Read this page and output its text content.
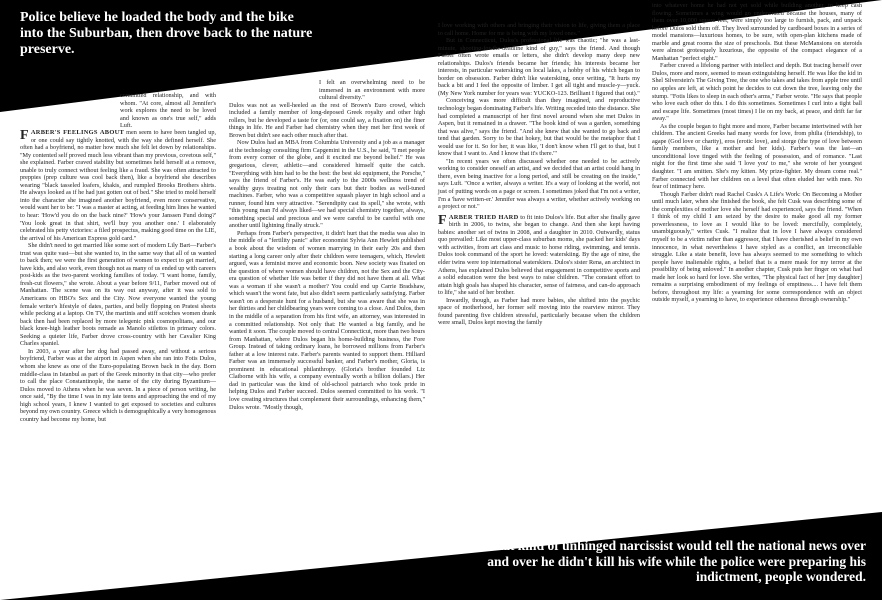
Police believe he loaded the body and the bike into the Suburban, then drove back to the nature preserve.
committed relationship, and with whom. "At core, almost all Jennifer's work explores the need to be loved and known as one's true self," adds Luft.

FARBER'S FEELINGS ABOUT men seem to have been tangled up, or one could say tightly knotted, with the way she defined herself. She often had a boyfriend, no matter how much she felt let down by relationships. "My contented self proved much less vibrant than my previous, covetous self," she explained. Farber craved stability but sometimes held herself at a remove, unable to truly connect without feeling like a fraud. She was often attracted to preppies (prep culture was cool back then), like a boyfriend she describes wearing "black tasseled loafers, khakis, and rumpled Brooks Brothers shirts. He always looked as if he had just gotten out of bed." She tried to mold herself into the character she imagined another boyfriend, even more conservative, would want her to be: "I was a master at acting, at feeding him lines he wanted to hear: 'How'd you do on the back nine?' 'How's your Janssen Fund doing?' 'You look great in that shirt, we'll buy you another one.' I elaborately celebrated his petty victories: a filed prospectus, making good time on the LIE, the arrival of his American Express gold card."

She didn't need to get married like some sort of modern Lily Bart—Farber's trust was quite vast—but she wanted to, in the same way that all of us wanted to back then; we were the first generation of women to expect to get married, have kids, and also work, even though not as many of us ended up with careers post-kids as the two-parent working families of today. "I want home, family, fresh-cut flowers," she wrote. About a year before 9/11, Farber moved out of Manhattan. The scene was on its way out anyway, after it was sold to Americans on HBO's Sex and the City. Now everyone wanted the young female writer's lifestyle of dates, parties, and belly flopping on Pratesi sheets while pecking at a laptop. On TV, the martinis and stiff scotches women drank back then had been replaced by more telegenic pink cosmopolitans, and our black knee-high leather boots remade as Manolo stilettos in primary colors. Seeking a quieter life, Farber drove cross-country with her Cavalier King Charles spaniel.

In 2003, a year after her dog had passed away, and without a serious boyfriend, Farber was at the airport in Aspen when she ran into Fotis Dulos, whom she knew as one of the Euro-populating Brown back in the day. Born middle-class in Istanbul as part of the Greek minority in that city—who prefer to call the place Constantinople, the name of the city during Byzantium—Dulos moved to Athens when he was seven. In a piece of person writing, he once said, "By the time I was in my late teens and approaching the end of my high school years, I knew I wanted to get exposed to societies and cultures beyond my own country. Greece which is demographically a very homogenous country had become my home, but

I felt an overwhelming need to be immersed in an environment with more cultural diversity."

Dulos was not as well-heeled as the rest of Brown's Euro crowd, which included a family member of long-deposed Greek royalty and other high rollers, but he developed a taste for (or, one could say, a fixation on) the finer things in life. He and Farber had chemistry when they met her first week of Brown but didn't see each other much after that.

Now Dulos had an MBA from Columbia University and a job as a manager at the technology consulting firm Capgemini in the U.S., he said, "I met people from every corner of the globe, and it excited me beyond belief." He was gregarious, clever, athletic—and considered himself quite the catch. "Everything with him had to be the best: the best ski equipment, the Porsche," says the friend of Farber's. He was early to the 2000s wellness trend of wealthy guys treating not only their cars but their bodies as well-tuned machines. Farber, who was a competitive squash player in high school and a runner, found him very attractive. "Serendipity cast its spell," she wrote, with "this young man I'd always liked—we had special chemistry together, always, something special and precious and we were careful to be careful with one another until lightning finally struck."

Perhaps from Farber's perspective, it didn't hurt that the media was also in the middle of a "fertility panic" after economist Sylvia Ann Hewlett published a book about the wisdom of women marrying in their early 20s and then starting a long career only after their children were teenagers, which, Hewlett argued, was a feminist move and economic boon. New society was fixated on the question of where women should have children, not the Sex and the City-era question of whether life was better if they did not have them at all. What was a woman if she wasn't a mother? You could end up Carrie Bradshaw, which wasn't the worst fate, but also didn't seem particularly satisfying. Farber wasn't on a desperate hunt for a husband, but she was aware that she was in her thirties and her childbearing years were coming to a close. And Dulos, then in the middle of a separation from his first wife, an attorney, was interested in a committed relationship. Not only that: He wanted a big family, and he wanted it soon. The couple moved to central Connecticut, more than two hours from Manhattan, where Dulos began his home-building business, the Fore Group. Instead of taking ordinary loans, he borrowed millions from Farber's father at a low interest rate. Farber's parents wanted to support them. Hilliard Farber was an immensely successful banker, and Farber's mother, Gloria, is prominent in educational philanthropy. (Gloria's brother founded Liz Claiborne with his wife, a company eventually worth a billion dollars.) Her dad in particular was the kind of old-school patriarch who took pride in helping Dulos and Farber succeed. Dulos seemed committed to his work. "I love creating structures that complement their surroundings, enhancing them," Dulos wrote. "Mostly though,

I love working with others and bringing their vision to life, giving them a place to call home. Home for me is being with my loved ones."

But in Connecticut, Dulos's professional life was chaotic; "he was a last-minute, shooting-for-the-deadline kind of guy," says the friend. And though Farber often wrote emails or letters, she didn't develop many deep new relationships. Dulos's friends became her friends; his interests became her interests, in particular waterskiing on local lakes, a hobby of his which began to border on obsession. Farber didn't like waterskiing, once writing, "It hurts my back a bit and I feel the opposite of limber. I get all tight and muscle-y—yuck. (My New York number for years was: YUCKO-123. Brilliant I figured that out)."

Conceiving was more difficult than they imagined, and reproductive technology began dominating Farber's life. Writing receded into the distance. She had completed a manuscript of her first novel around when she met Dulos in Aspen, but it remained in a drawer. "The book kind of was a garden, something that was alive," says the friend. "And she knew that she wanted to go back and tend that garden. Sorry to be that hokey, but that would be the metaphor that I would use for it. So for her, it was like, 'I don't know when I'll get to that, but I know that I want to. And I know that it's there.'"

"In recent years we often discussed whether one needed to be actively working to consider oneself an artist, and we decided that an artist could hang in there, even being inactive for a long period, and still be creating on the inside," says Luft. "Once a writer, always a writer. It's a way of looking at the world, not just of putting words on a page or screen. I sometimes joked that I'm not a writer, I'm a 'have written-er.' Jennifer was always a writer, whether actively working on a project or not."

FARBER TRIED HARD to fit into Dulos's life. But after she finally gave birth in 2006, to twins, she began to change. And then she kept having babies: another set of twins in 2008, and a daughter in 2010. Outwardly, status quo prevailed: Like most upper-class suburban moms, she packed her kids' days with activities, from art class and music to horse riding, swimming, and tennis. Dulos took command of the sport he loved: waterskiing. By the age of nine, the elder twins were top international waterskiers. Dulos's sister Rena, an architect in Athens, has explained Dulos believed that engagement in competitive sports and a solid education were the best ways to raise children. "The constant effort to attain high goals has shaped his character, sense of fairness, and can-do approach to life," she said of her brother.

Inwardly, though, as Farber had more babies, she shifted into the psychic space of motherhood, her former self moving into the rearview mirror. They found parenting five children stressful, particularly because when the children were small, Dulos kept moving the family

into whatever home he had not yet sold while building another, to keep cash flowing. Sometimes a wing would go undecorated because the houses, many of them over 10,000 square feet, were simply too large to furnish, pack, and unpack before Dulos sold them off. They lived surrounded by cardboard boxes in a series of model mansions—luxurious homes, to be sure, with open-plan kitchens made of marble and great rooms the size of preschools. But these McMansions on steroids were almost grotesquely luxurious, the opposite of the compact elegance of a Manhattan "perfect eight."

Farber craved a lifelong partner with intellect and depth. But tracing herself over Dulos, more and more, seemed to mean extinguishing herself. He was like the kid in Shel Silverstein's The Giving Tree, the one who takes and takes from apple tree until no apples are left, at which point he decides to cut down the tree, leaving only the stump. "Fotis likes to sleep in each other's arms," Farber wrote. "He says that people who love each other do this. I do this sometimes. Sometimes I curl into a tight ball and escape life. Sometimes (most times) I lie on my back, at peace, and drift far far away."

As the couple began to fight more and more, Farber became intertwined with her children. The ancient Greeks had many words for love, from philia (friendship), to agape (God love or charity), eros (erotic love), and storge (the type of love between family members, like a mother and her kids). Farber's was the last—an unconditional love tinged with the feeling of possession, and of romance. "Last night for the first time she said 'I love you' to me," she wrote of her youngest daughter. "I am smitten. She's my kitten. My prize-fighter. My dream come real." Farber connected with her children on a level that often eluded her with men. No fear of intimacy here.

Though Farber didn't read Rachel Cusk's A Life's Work: On Becoming a Mother until much later, when she finished the book, she felt Cusk was describing some of the complexities of mother love she herself had experienced, says the friend. "When I think of my child I am seized by the desire to make good all my former powerlessness, to love as I would like to be loved: mercifully, completely, unambiguously," writes Cusk. "I realize that in love I have always considered myself to be a victim rather than aggressor, that I have cherished a belief in my own innocence, in what nevertheless I have styled as a conflict, an irreconcilable struggle. Like a state benefit, love has always seemed to me something to which people have inalienable rights, a belief that is a mere mask for my terror at the possibility of being unloved." In another chapter, Cusk puts her finger on what had made her look so hard for love. She writes, "The physical fact of her [my daughter] remains a surprising embodiment of my feelings of emptiness.... I have felt them before, throughout my life: a yearning for some correspondence with an object outside myself, a yearning to have, to experience otherness through ownership."

What kind of unhinged narcissist would tell the national news over and over he didn't kill his wife while the police were preparing his indictment, people wondered.
84 VANITY FAIR
